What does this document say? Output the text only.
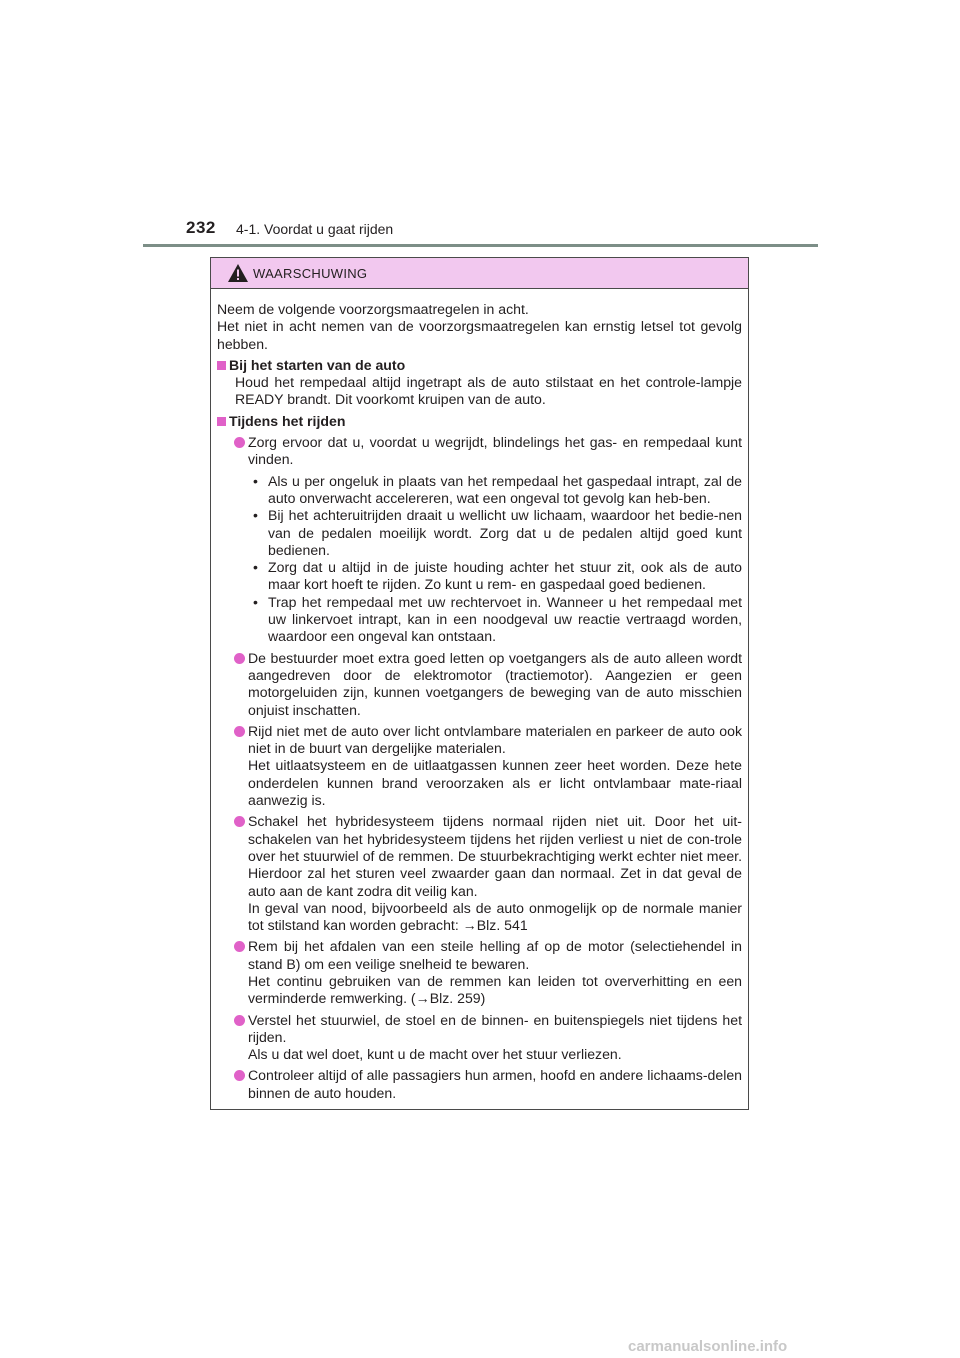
232 4-1. Voordat u gaat rijden
WAARSCHUWING

Neem de volgende voorzorgsmaatregelen in acht.

Het niet in acht nemen van de voorzorgsmaatregelen kan ernstig letsel tot gevolg hebben.

Bij het starten van de auto

Houd het rempedaal altijd ingetrapt als de auto stilstaat en het controle-lampje READY brandt. Dit voorkomt kruipen van de auto.

Tijdens het rijden
Zorg ervoor dat u, voordat u wegrijdt, blindelings het gas- en rempedaal kunt vinden.

• Als u per ongeluk in plaats van het rempedaal het gaspedaal intrapt, zal de auto onverwacht accelereren, wat een ongeval tot gevolg kan heb-ben.

• Bij het achteruitrijden draait u wellicht uw lichaam, waardoor het bedie-nen van de pedalen moeilijk wordt. Zorg dat u de pedalen altijd goed kunt bedienen.

• Zorg dat u altijd in de juiste houding achter het stuur zit, ook als de auto maar kort hoeft te rijden. Zo kunt u rem- en gaspedaal goed bedienen.

• Trap het rempedaal met uw rechtervoet in. Wanneer u het rempedaal met uw linkervoet intrapt, kan in een noodgeval uw reactie vertraagd worden, waardoor een ongeval kan ontstaan.

De bestuurder moet extra goed letten op voetgangers als de auto alleen wordt aangedreven door de elektromotor (tractiemotor). Aangezien er geen motorgeluiden zijn, kunnen voetgangers de beweging van de auto misschien onjuist inschatten.
Rijd niet met de auto over licht ontvlambare materialen en parkeer de auto ook niet in de buurt van dergelijke materialen.
Het uitlaatsysteem en de uitlaatgassen kunnen zeer heet worden. Deze hete onderdelen kunnen brand veroorzaken als er licht ontvlambaar mate-riaal aanwezig is.
Schakel het hybridesysteem tijdens normaal rijden niet uit. Door het uit-schakelen van het hybridesysteem tijdens het rijden verliest u niet de con-trole over het stuurwiel of de remmen. De stuurbekrachtiging werkt echter niet meer. Hierdoor zal het sturen veel zwaarder gaan dan normaal. Zet in dat geval de auto aan de kant zodra dit veilig kan.
In geval van nood, bijvoorbeeld als de auto onmogelijk op de normale manier tot stilstand kan worden gebracht: →Blz. 541
Rem bij het afdalen van een steile helling af op de motor (selectiehendel in stand B) om een veilige snelheid te bewaren.
Het continu gebruiken van de remmen kan leiden tot oververhitting en een verminderde remwerking. (→Blz. 259)
Verstel het stuurwiel, de stoel en de binnen- en buitenspiegels niet tijdens het rijden.
Als u dat wel doet, kunt u de macht over het stuur verliezen.
Controleer altijd of alle passagiers hun armen, hoofd en andere lichaams-delen binnen de auto houden.
carmanualsonline.info
